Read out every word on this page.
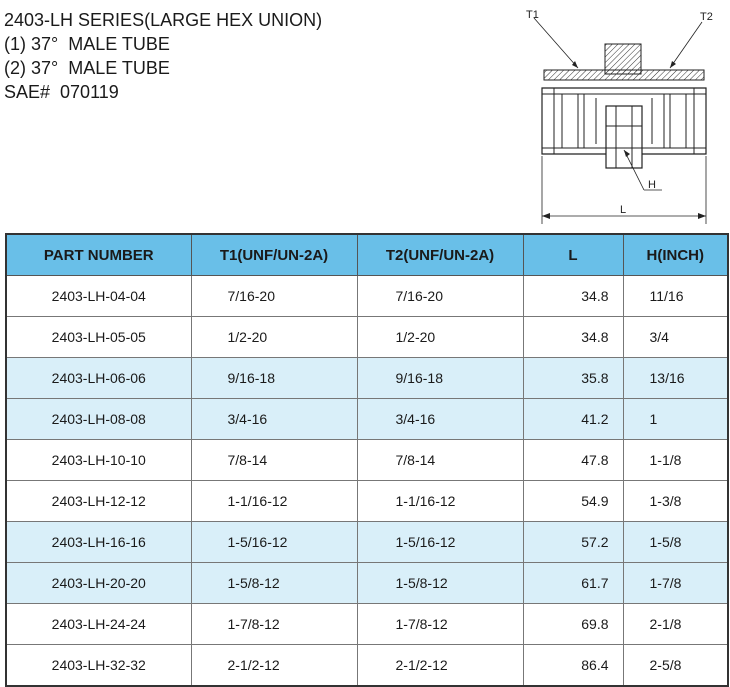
2403-LH SERIES(LARGE HEX UNION)
(1) 37°  MALE TUBE
(2) 37°  MALE TUBE
SAE#  070119
T1	T2
H
L
PART NUMBER	T1(UNF/UN-2A)	T2(UNF/UN-2A)	L	H(INCH)
2403-LH-04-04	7/16-20	7/16-20	34.8	11/16
2403-LH-05-05	1/2-20	1/2-20	34.8	3/4
2403-LH-06-06	9/16-18	9/16-18	35.8	13/16
2403-LH-08-08	3/4-16	3/4-16	41.2	1
2403-LH-10-10	7/8-14	7/8-14	47.8	1-1/8
2403-LH-12-12	1-1/16-12	1-1/16-12	54.9	1-3/8
2403-LH-16-16	1-5/16-12	1-5/16-12	57.2	1-5/8
2403-LH-20-20	1-5/8-12	1-5/8-12	61.7	1-7/8
2403-LH-24-24	1-7/8-12	1-7/8-12	69.8	2-1/8
2403-LH-32-32	2-1/2-12	2-1/2-12	86.4	2-5/8
